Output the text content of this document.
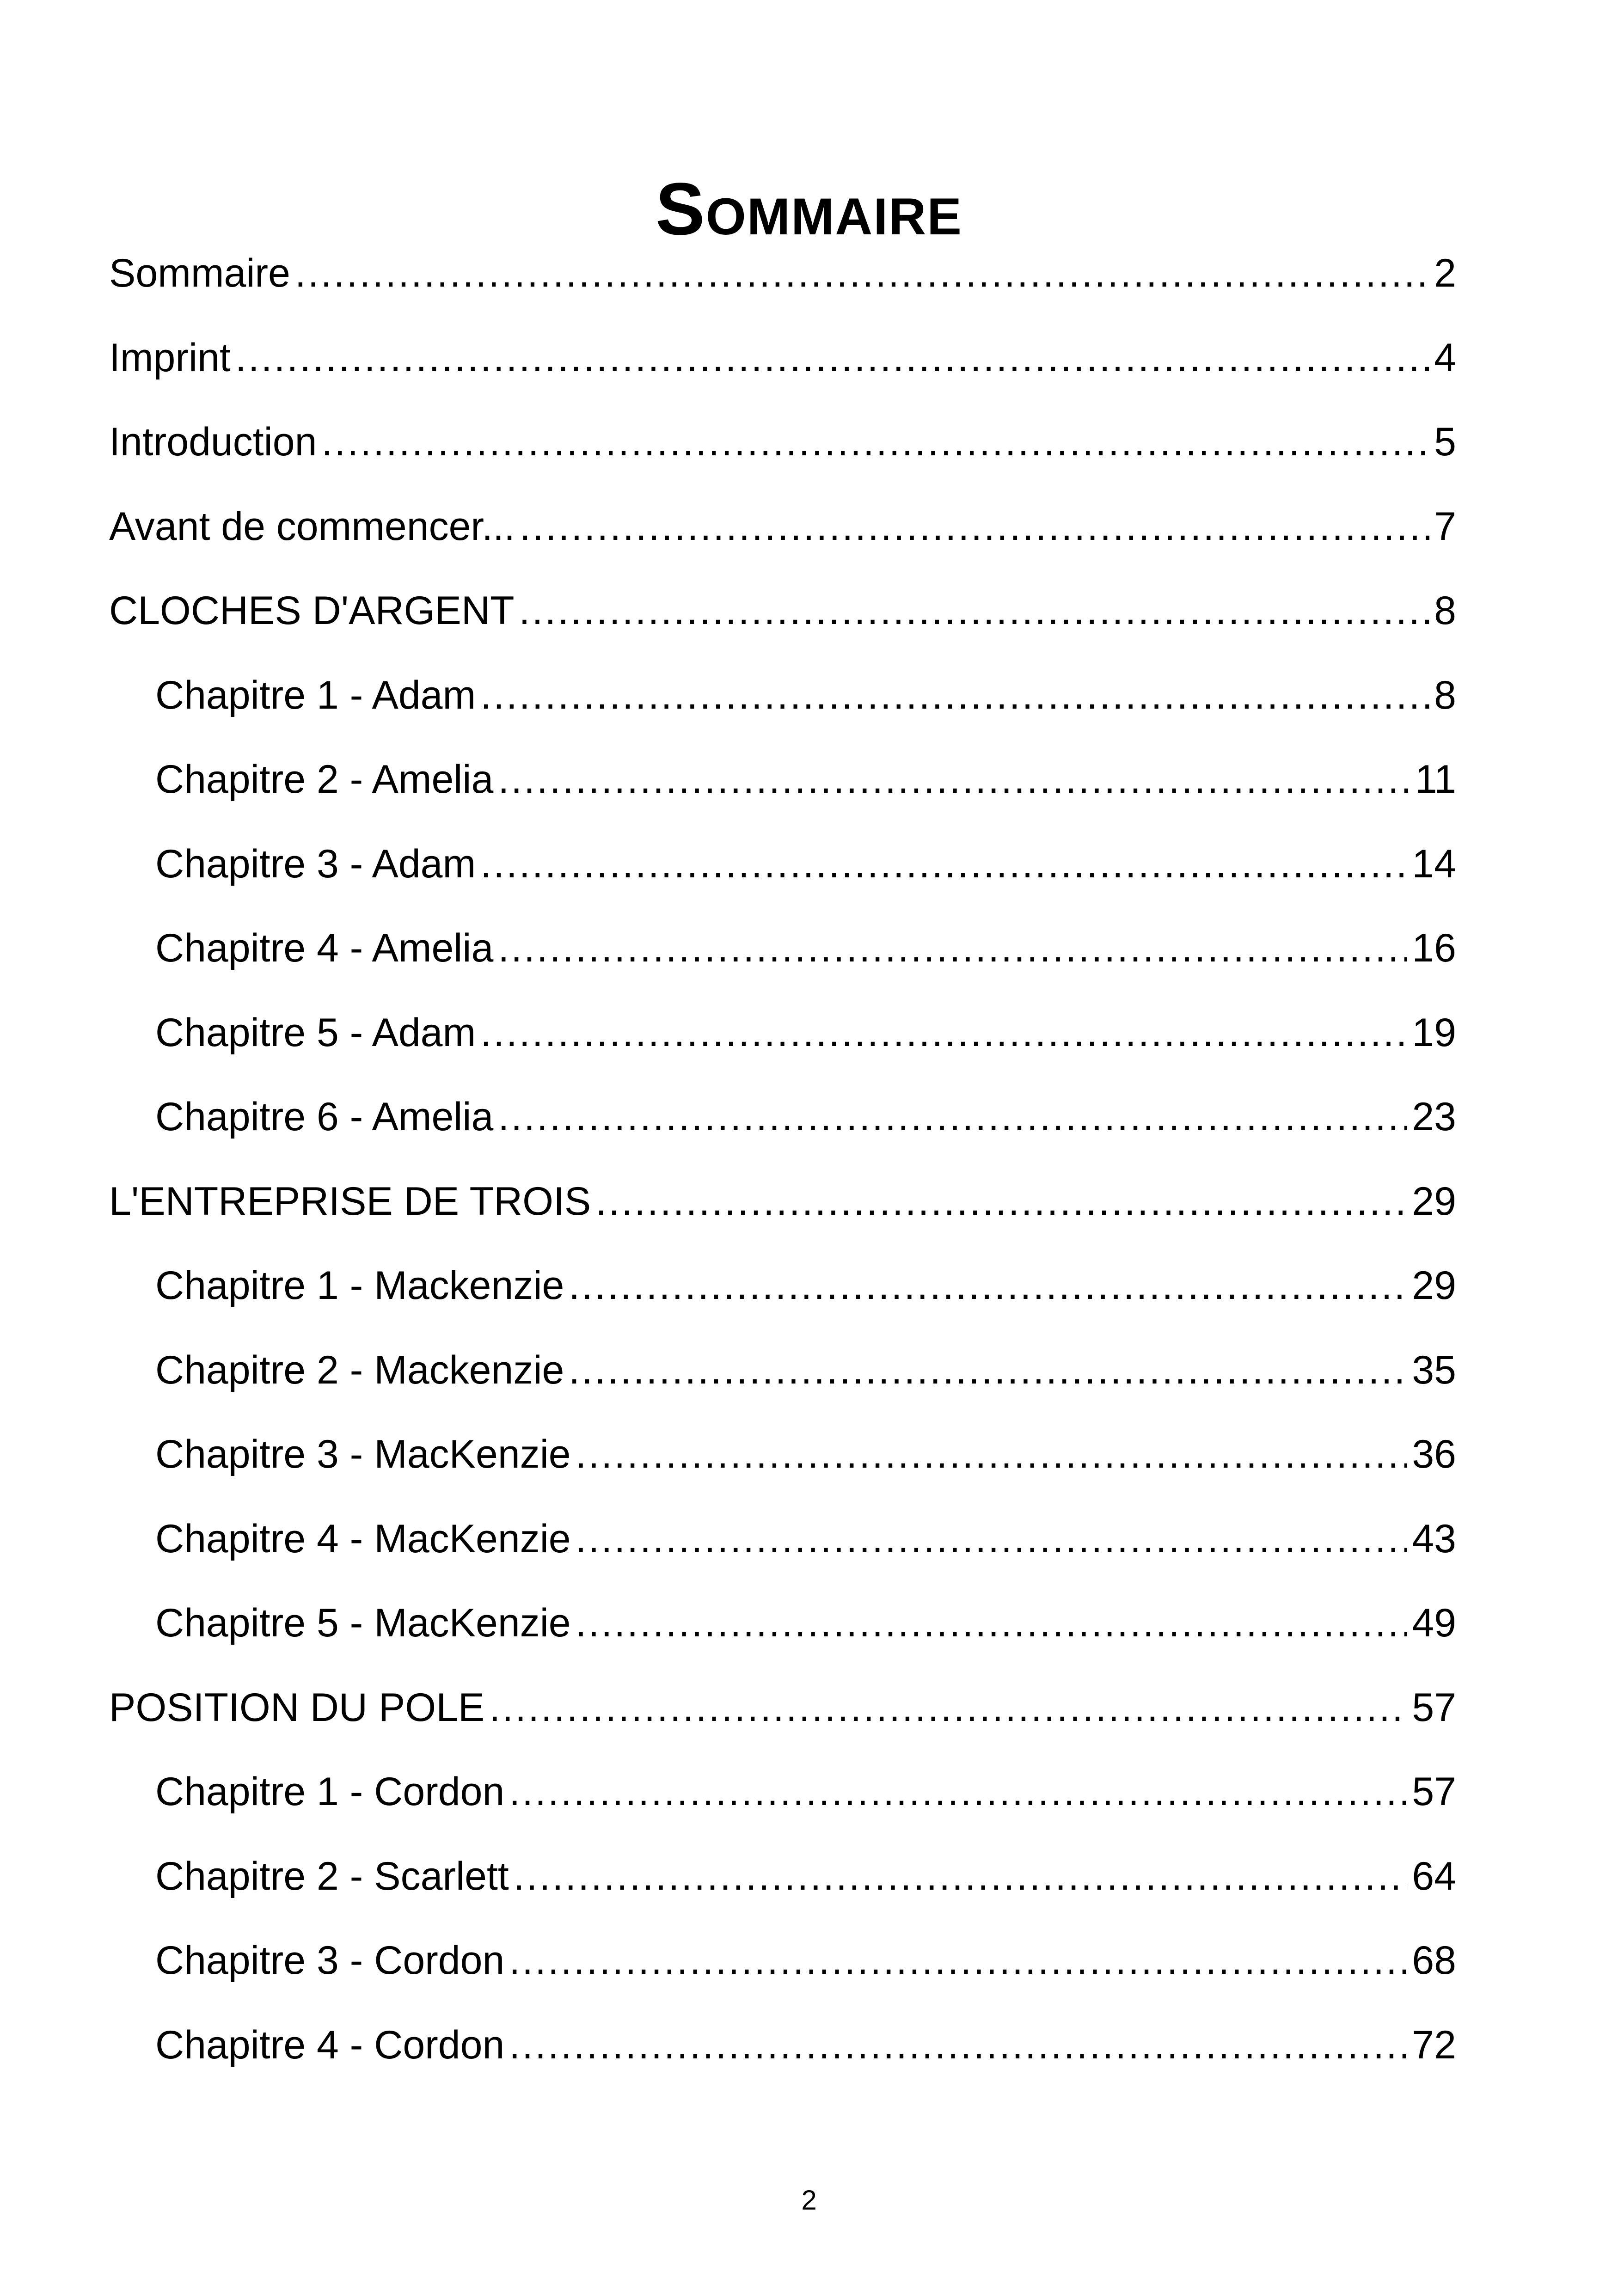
Sommaire
Sommaire .....	2
Imprint .....	4
Introduction .....	5
Avant de commencer... .....	7
CLOCHES D'ARGENT .....	8
Chapitre 1 - Adam .....	8
Chapitre 2 - Amelia .....	11
Chapitre 3 - Adam .....	14
Chapitre 4 - Amelia .....	16
Chapitre 5 - Adam .....	19
Chapitre 6 - Amelia .....	23
L'ENTREPRISE DE TROIS .....	29
Chapitre 1 - Mackenzie .....	29
Chapitre 2 - Mackenzie .....	35
Chapitre 3 - MacKenzie .....	36
Chapitre 4 - MacKenzie .....	43
Chapitre 5 - MacKenzie .....	49
POSITION DU POLE .....	57
Chapitre 1 - Cordon .....	57
Chapitre 2 - Scarlett .....	64
Chapitre 3 - Cordon .....	68
Chapitre 4 - Cordon .....	72
2
